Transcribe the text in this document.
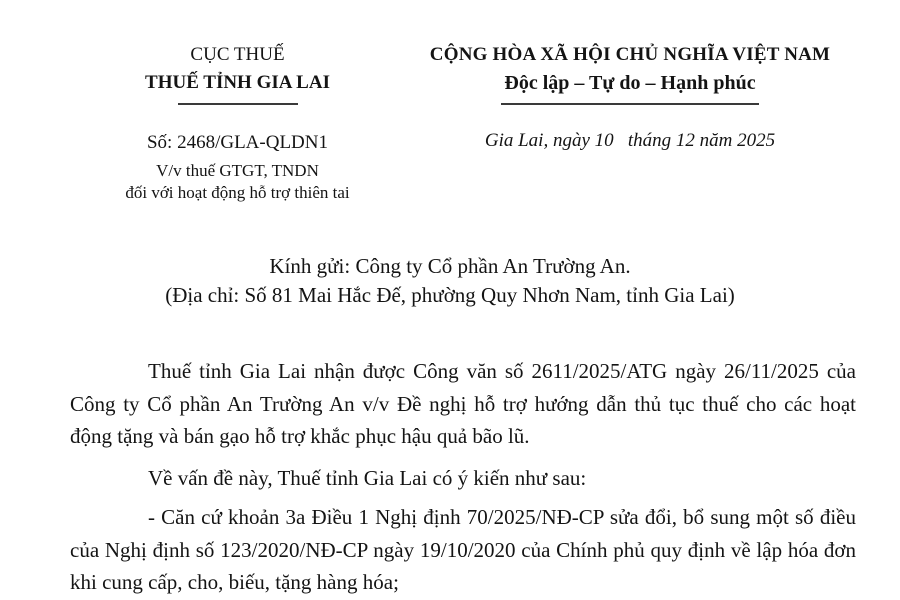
CỤC THUẾ
THUẾ TỈNH GIA LAI
Số: 2468/GLA-QLDN1
V/v thuế GTGT, TNDN
đối với hoạt động hỗ trợ thiên tai
CỘNG HÒA XÃ HỘI CHỦ NGHĨA VIỆT NAM
Độc lập – Tự do – Hạnh phúc
Gia Lai, ngày 10   tháng 12 năm 2025
Kính gửi: Công ty Cổ phần An Trường An.
(Địa chỉ: Số 81 Mai Hắc Đế, phường Quy Nhơn Nam, tỉnh Gia Lai)

Thuế tỉnh Gia Lai nhận được Công văn số 2611/2025/ATG ngày 26/11/2025 của Công ty Cổ phần An Trường An v/v Đề nghị hỗ trợ hướng dẫn thủ tục thuế cho các hoạt động tặng và bán gạo hỗ trợ khắc phục hậu quả bão lũ.

Về vấn đề này, Thuế tỉnh Gia Lai có ý kiến như sau:

- Căn cứ khoản 3a Điều 1 Nghị định 70/2025/NĐ-CP sửa đổi, bổ sung một số điều của Nghị định số 123/2020/NĐ-CP ngày 19/10/2020 của Chính phủ quy định về lập hóa đơn khi cung cấp, cho, biếu, tặng hàng hóa;
